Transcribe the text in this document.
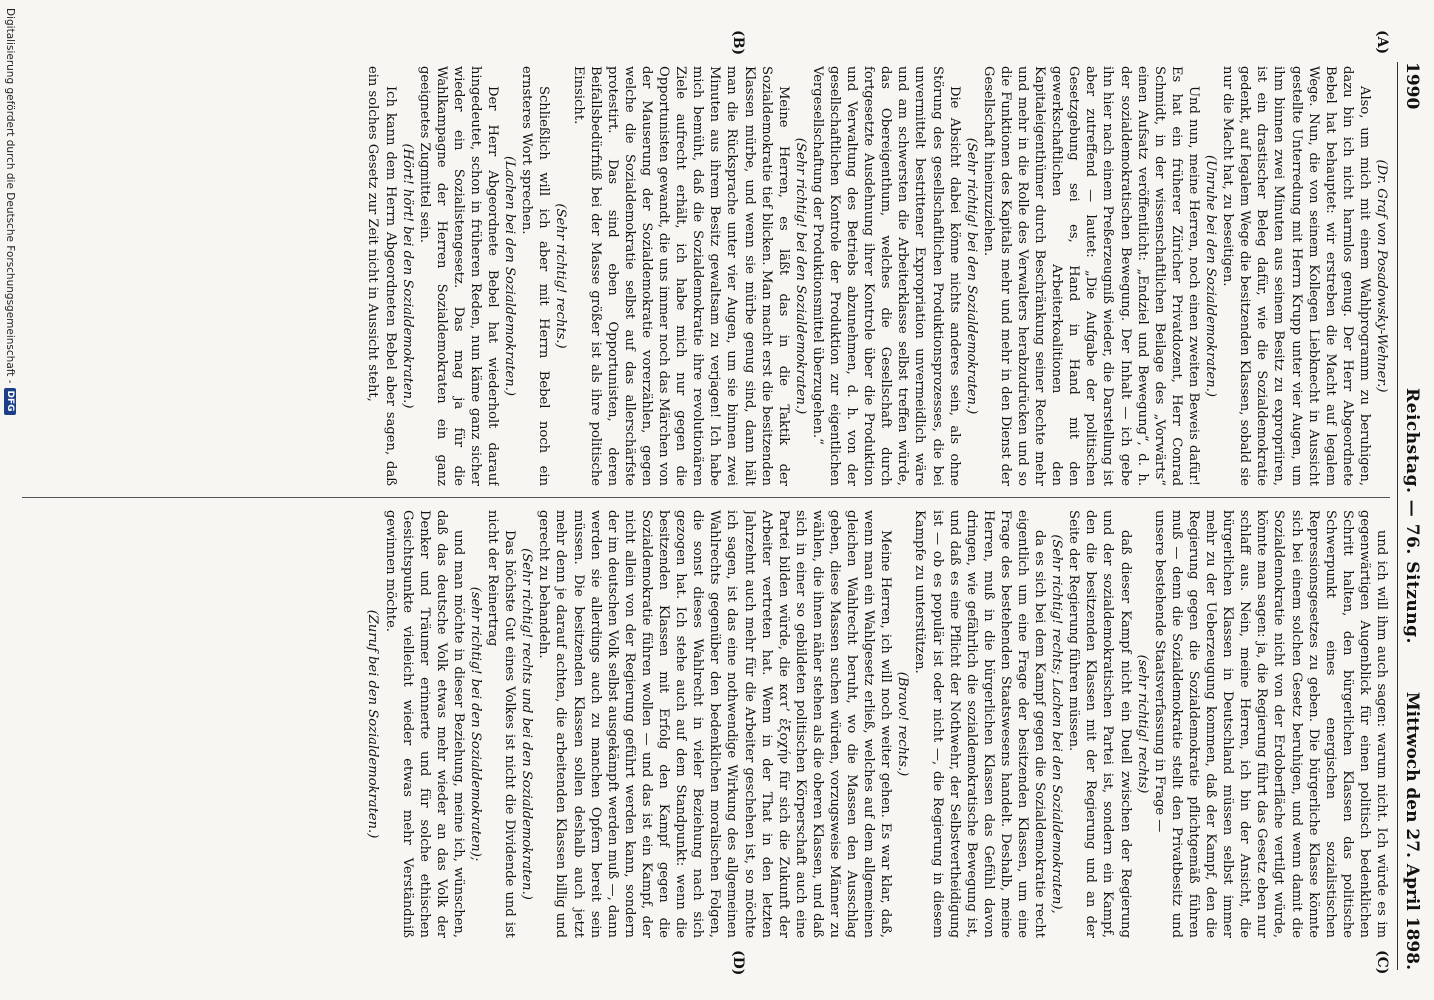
1990
Reichstag. — 76. Sitzung.
Mittwoch den 27. April 1898.
(A)
(B)
(C)
(D)

(Dr. Graf von Posadowsky-Wehner.)

Also, um mich mit einem Wahlprogramm zu beruhigen, dazu bin ich nicht harmlos genug. Der Herr Abgeordnete Bebel hat behauptet: wir erstreben die Macht auf legalem Wege. Nun, die von seinem Kollegen Liebknecht in Aussicht gestellte Unterredung mit Herrn Krupp unter vier Augen, um ihm binnen zwei Minuten aus seinem Besitz zu expropriiren, ist ein drastischer Beleg dafür, wie die Sozialdemokratie gedenkt, auf legalem Wege die besitzenden Klassen, sobald sie nur die Macht hat, zu beseitigen.

(Unruhe bei den Sozialdemokraten.)

Und nun, meine Herren, noch einen zweiten Beweis dafür! Es hat ein früherer Züricher Privatdozent, Herr Conrad Schmidt, in der wissenschaftlichen Beilage des „Vorwärts“ einen Aufsatz veröffentlicht: „Endziel und Bewegung“, d. h. der sozialdemokratischen Bewegung. Der Inhalt — ich gebe ihn hier nach einem Preßerzeugniß wieder, die Darstellung ist aber zutreffend — lautet: „Die Aufgabe der politischen Gesetzgebung sei es, Hand in Hand mit den gewerkschaftlichen Arbeiterkoalitionen den Kapitaleigenthümer durch Beschränkung seiner Rechte mehr und mehr in die Rolle des Verwalters herabzudrücken und so die Funktionen des Kapitals mehr und mehr in den Dienst der Gesellschaft hineinzuziehen.

(Sehr richtig! bei den Sozialdemokraten.)

Die Absicht dabei könne nichts anderes sein, als ohne Störung des gesellschaftlichen Produktionsprozesses, die bei unvermittelt bestrittener Expropriation unvermeidlich wäre und am schwersten die Arbeiterklasse selbst treffen würde, das Obereigenthum, welches die Gesellschaft durch fortgesetzte Ausdehnung ihrer Kontrole über die Produktion und Verwaltung des Betriebs abzunehmen, d. h. von der gesellschaftlichen Kontrole der Produktion zur eigentlichen Vergesellschaftung der Produktionsmittel überzugehen.“

(Sehr richtig! bei den Sozialdemokraten.)

Meine Herren, es läßt das in die Taktik der Sozialdemokratie tief blicken. Man macht erst die besitzenden Klassen mürbe, und wenn sie mürbe genug sind, dann hält man die Rücksprache unter vier Augen, um sie binnen zwei Minuten aus ihrem Besitz gewaltsam zu verjagen! Ich habe mich bemüht, daß die Sozialdemokratie ihre revolutionären Ziele aufrecht erhält, ich habe mich nur gegen die Opportunisten gewandt, die uns immer noch das Märchen von der Mauserung der Sozialdemokratie vorerzählen, gegen welche die Sozialdemokratie selbst auf das allerschärfste protestirt. Das sind eben Opportunisten, deren Beifallsbedürfniß bei der Masse größer ist als ihre politische Einsicht.

(Sehr richtig! rechts.)

Schließlich will ich aber mit Herrn Bebel noch ein ernsteres Wort sprechen.

(Lachen bei den Sozialdemokraten.)

Der Herr Abgeordnete Bebel hat wiederholt darauf hingedeutet, schon in früheren Reden, nun käme ganz sicher wieder ein Sozialistengesetz. Das mag ja für die Wahlkampagne der Herren Sozialdemokraten ein ganz geeignetes Zugmittel sein.

(Hört! hört! bei den Sozialdemokraten.)

Ich kann dem Herrn Abgeordneten Bebel aber sagen, daß ein solches Gesetz zur Zeit nicht in Aussicht steht,

und ich will ihm auch sagen: warum nicht. Ich würde es im gegenwärtigen Augenblick für einen politisch bedenklichen Schritt halten, den bürgerlichen Klassen das politische Schwerpunkt eines energischen sozialistischen Repressionsgesetzes zu geben. Die bürgerliche Klasse könnte sich bei einem solchen Gesetz beruhigen, und wenn damit die Sozialdemokratie nicht von der Erdoberfläche vertilgt würde, könnte man sagen: ja, die Regierung führt das Gesetz eben nur schlaff aus. Nein, meine Herren, ich bin der Ansicht, die bürgerlichen Klassen in Deutschland müssen selbst immer mehr zu der Ueberzeugung kommen, daß der Kampf, den die Regierung gegen die Sozialdemokratie pflichtgemäß führen muß — denn die Sozialdemokratie stellt den Privatbesitz und unsere bestehende Staatsverfassung in Frage —

(sehr richtig! rechts)

daß dieser Kampf nicht ein Duell zwischen der Regierung und der sozialdemokratischen Partei ist, sondern ein Kampf, den die besitzenden Klassen mit der Regierung und an der Seite der Regierung führen müssen.

(Sehr richtig! rechts; Lachen bei den Sozialdemokraten),

da es sich bei dem Kampf gegen die Sozialdemokratie recht eigentlich um eine Frage der besitzenden Klassen, um eine Frage des bestehenden Staatswesens handelt. Deshalb, meine Herren, muß in die bürgerlichen Klassen das Gefühl davon dringen, wie gefährlich die sozialdemokratische Bewegung ist, und daß es eine Pflicht der Nothwehr, der Selbstvertheidigung ist — ob es populär ist oder nicht —, die Regierung in diesem Kampfe zu unterstützen.

(Bravo! rechts.)

Meine Herren, ich will noch weiter gehen. Es war klar, daß, wenn man ein Wahlgesetz erließ, welches auf dem allgemeinen gleichen Wahlrecht beruht, wo die Massen den Ausschlag geben, diese Massen suchen würden, vorzugsweise Männer zu wählen, die ihnen näher stehen als die oberen Klassen, und daß sich in einer so gebildeten politischen Körperschaft auch eine Partei bilden würde, die κατ’ ἐξοχήν für sich die Zukunft der Arbeiter vertreten hat. Wenn in der That in den letzten Jahrzehnt auch mehr für die Arbeiter geschehen ist, so möchte ich sagen, ist das eine nothwendige Wirkung des allgemeinen Wahlrechts gegenüber den bedenklichen moralischen Folgen, die sonst dieses Wahlrecht in vieler Beziehung nach sich gezogen hat. Ich stehe auch auf dem Standpunkt: wenn die besitzenden Klassen mit Erfolg den Kampf gegen die Sozialdemokratie führen wollen — und das ist ein Kampf, der nicht allein von der Regierung geführt werden kann, sondern der im deutschen Volk selbst ausgekämpft werden muß —, dann werden sie allerdings auch zu manchen Opfern bereit sein müssen. Die besitzenden Klassen sollen deshalb auch jetzt mehr denn je darauf achten, die arbeitenden Klassen billig und gerecht zu behandeln.

(Sehr richtig! rechts und bei den Sozialdemokraten.)

Das höchste Gut eines Volkes ist nicht die Dividende und ist nicht der Reinertrag

(sehr richtig! bei den Sozialdemokraten);

und man möchte in dieser Beziehung, meine ich, wünschen, daß das deutsche Volk etwas mehr wieder an das Volk der Denker und Träumer erinnerte und für solche ethischen Gesichtspunkte vielleicht wieder etwas mehr Verständniß gewinnen möchte.

(Zuruf bei den Sozialdemokraten.)

Digitalisierung gefördert durch die Deutsche Forschungsgemeinschaft -
DFG
